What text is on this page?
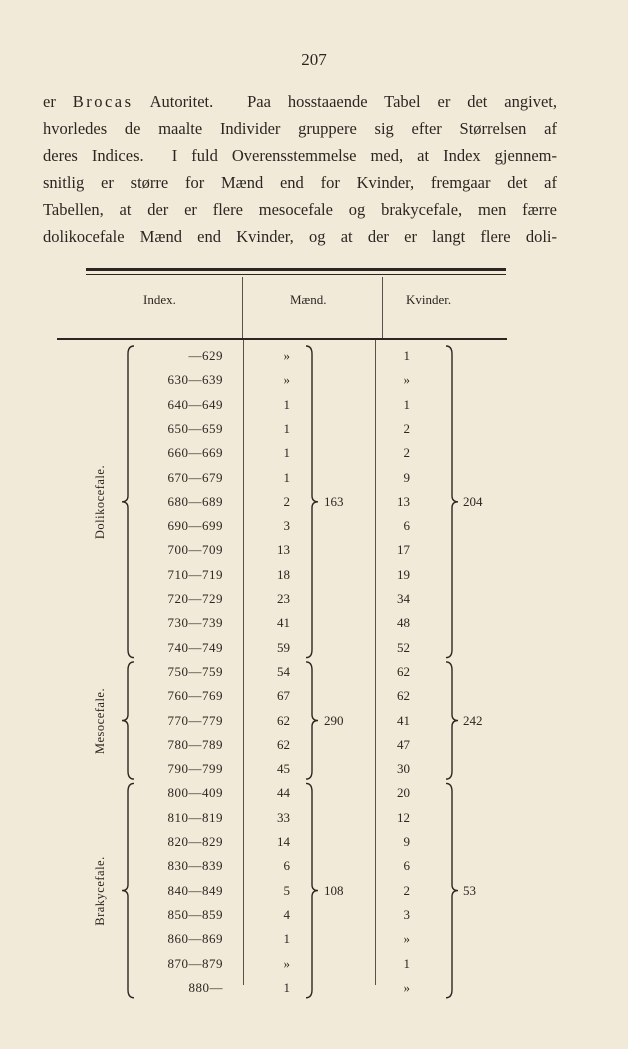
207
er Brocas Autoritet.  Paa hosstaaende Tabel er det angivet,
hvorledes de maalte Individer gruppere sig efter Størrelsen af
deres Indices.  I fuld Overensstemmelse med, at Index gjennem-
snitlig er større for Mænd end for Kvinder, fremgaar det af
Tabellen, at der er flere mesocefale og brakycefale, men færre
dolikocefale Mænd end Kvinder, og at der er langt flere doli-
Index.	Mænd.	Kvinder.
—629	»	1
630—639	»	»
640—649	1	1
650—659	1	2
660—669	1	2
670—679	1	9
680—689	2	13
690—699	3	6
700—709	13	17
710—719	18	19
720—729	23	34
730—739	41	48
740—749	59	52
Dolikocefale.	163	204
750—759	54	62
760—769	67	62
770—779	62	41
780—789	62	47
790—799	45	30
Mesocefale.	290	242
800—409	44	20
810—819	33	12
820—829	14	9
830—839	6	6
840—849	5	2
850—859	4	3
860—869	1	»
870—879	»	1
880—	1	»
Brakycefale.	108	53
